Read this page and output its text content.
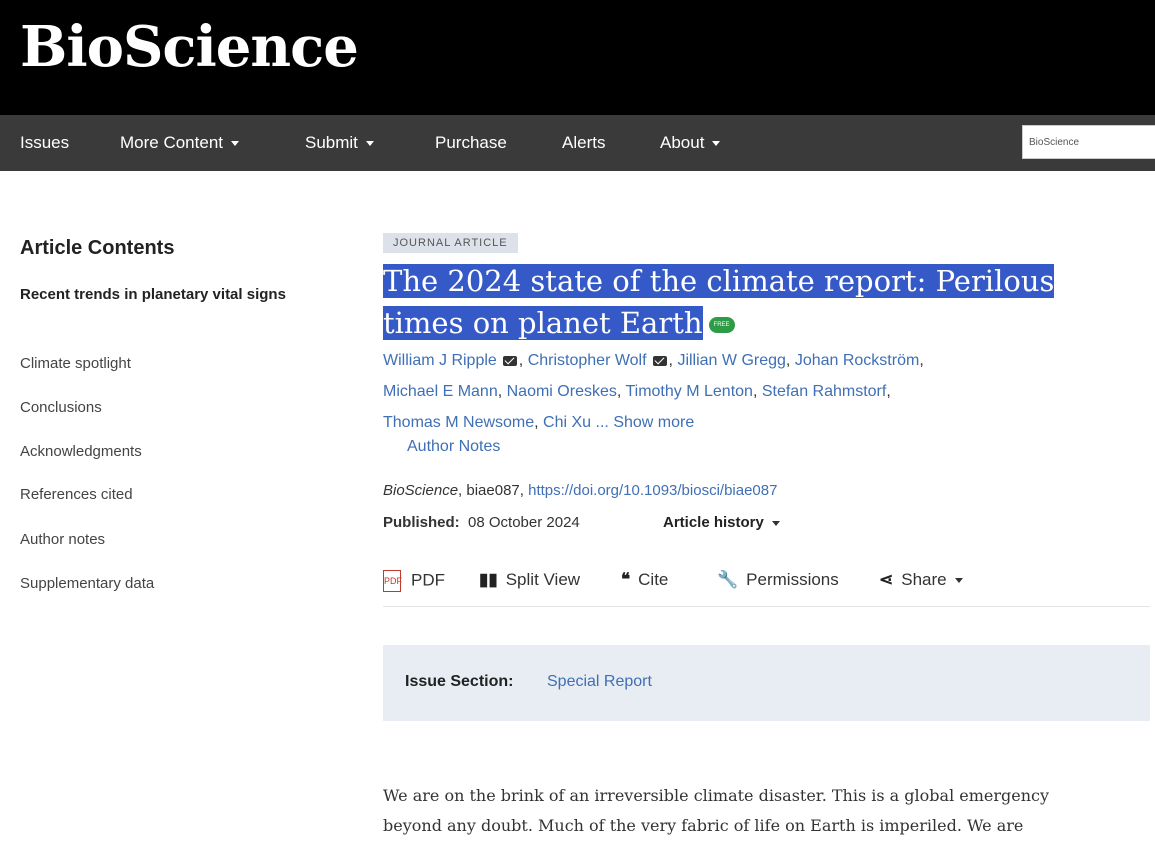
BioScience
Issues	More Content	Submit	Purchase	Alerts	About
BioScience
Article Contents
Recent trends in planetary vital signs
Climate spotlight
Conclusions
Acknowledgments
References cited
Author notes
Supplementary data
JOURNAL ARTICLE
The 2024 state of the climate report: Perilous times on planet Earth FREE
William J Ripple , Christopher Wolf , Jillian W Gregg, Johan Rockström,
Michael E Mann, Naomi Oreskes, Timothy M Lenton, Stefan Rahmstorf,
Thomas M Newsome, Chi Xu ... Show more
Author Notes
BioScience, biae087, https://doi.org/10.1093/biosci/biae087
Published: 08 October 2024	Article history
PDF PDF ▮▮ Split View ❝ Cite	🔧 Permissions ⋖ Share
Issue Section: Special Report
We are on the brink of an irreversible climate disaster. This is a global emergency beyond any doubt. Much of the very fabric of life on Earth is imperiled. We are
